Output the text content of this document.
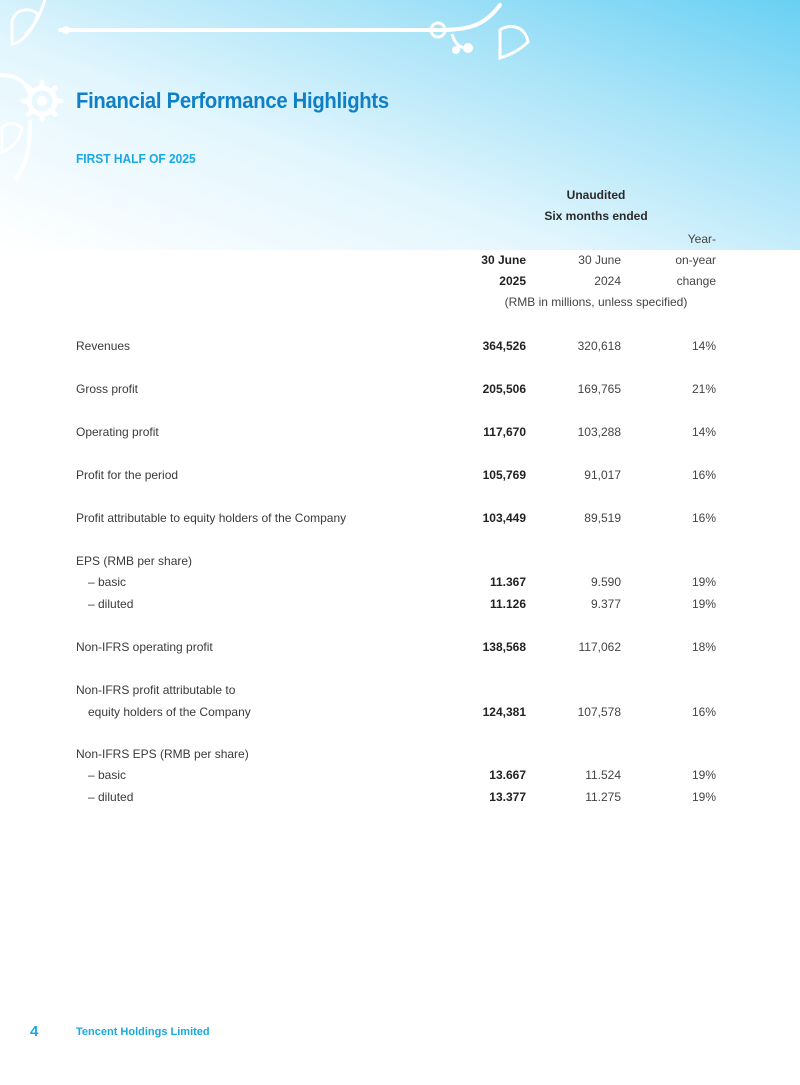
Financial Performance Highlights
FIRST HALF OF 2025
Unaudited
Six months ended
Year-
30 June	30 June	on-year
2025	2024	change
(RMB in millions, unless specified)
Revenues	364,526	320,618	14%
Gross profit	205,506	169,765	21%
Operating profit	117,670	103,288	14%
Profit for the period	105,769	91,017	16%
Profit attributable to equity holders of the Company	103,449	89,519	16%
EPS (RMB per share)
– basic	11.367	9.590	19%
– diluted	11.126	9.377	19%
Non-IFRS operating profit	138,568	117,062	18%
Non-IFRS profit attributable to
equity holders of the Company	124,381	107,578	16%
Non-IFRS EPS (RMB per share)
– basic	13.667	11.524	19%
– diluted	13.377	11.275	19%
4	Tencent Holdings Limited
